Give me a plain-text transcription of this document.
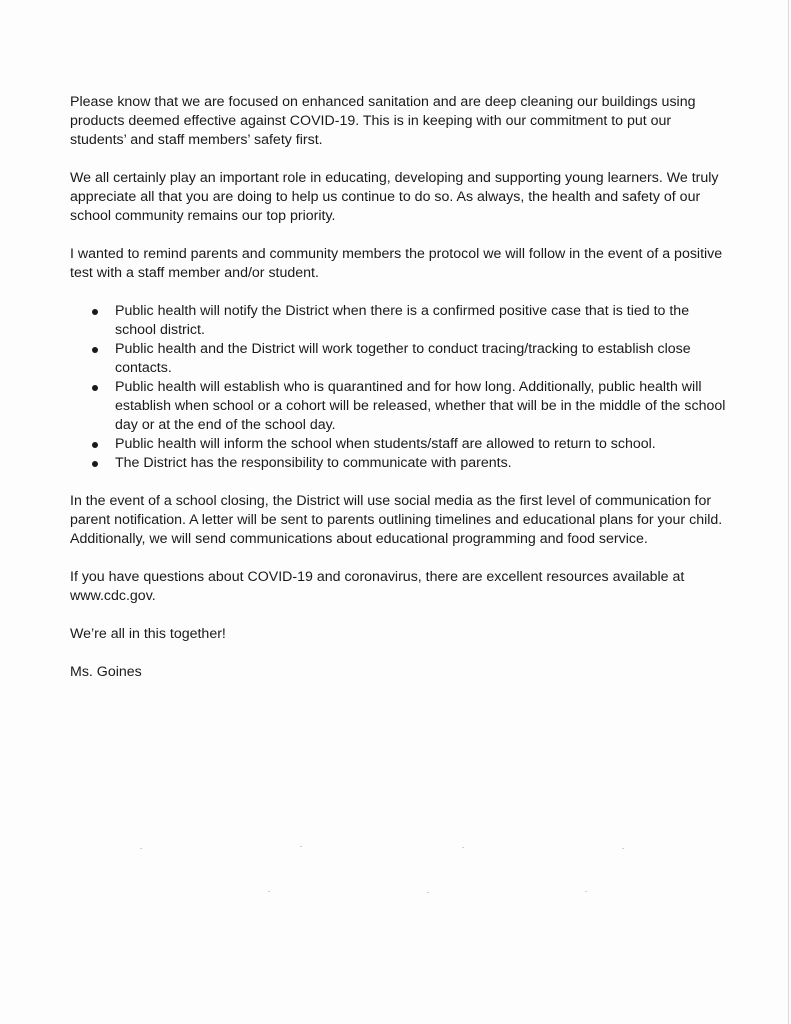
Please know that we are focused on enhanced sanitation and are deep cleaning our buildings using products deemed effective against COVID-19. This is in keeping with our commitment to put our students’ and staff members’ safety first.

We all certainly play an important role in educating, developing and supporting young learners. We truly appreciate all that you are doing to help us continue to do so. As always, the health and safety of our school community remains our top priority.

I wanted to remind parents and community members the protocol we will follow in the event of a positive test with a staff member and/or student.

Public health will notify the District when there is a confirmed positive case that is tied to the school district.
Public health and the District will work together to conduct tracing/tracking to establish close contacts.
Public health will establish who is quarantined and for how long. Additionally, public health will establish when school or a cohort will be released, whether that will be in the middle of the school day or at the end of the school day.
Public health will inform the school when students/staff are allowed to return to school.
The District has the responsibility to communicate with parents.

In the event of a school closing, the District will use social media as the first level of communication for parent notification. A letter will be sent to parents outlining timelines and educational plans for your child. Additionally, we will send communications about educational programming and food service.

If you have questions about COVID-19 and coronavirus, there are excellent resources available at www.cdc.gov.

We’re all in this together!

Ms. Goines
